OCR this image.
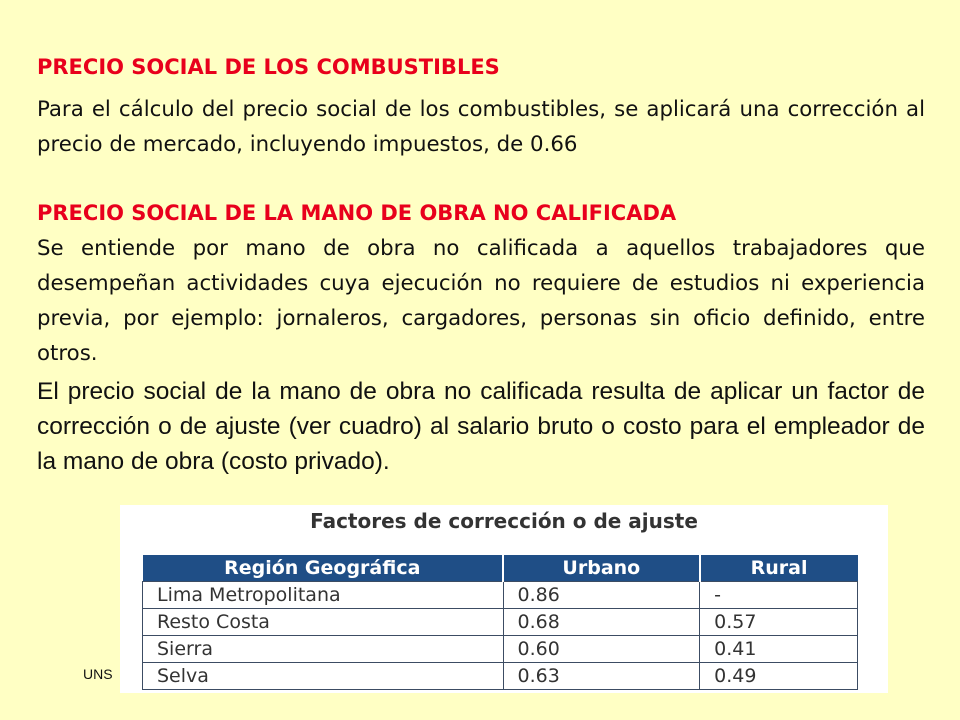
PRECIO SOCIAL DE LOS COMBUSTIBLES

Para el cálculo del precio social de los combustibles, se aplicará una corrección al precio de mercado, incluyendo impuestos, de 0.66

PRECIO SOCIAL DE LA MANO DE OBRA NO CALIFICADA

Se entiende por mano de obra no calificada a aquellos trabajadores que desempeñan actividades cuya ejecución no requiere de estudios ni experiencia previa, por ejemplo: jornaleros, cargadores, personas sin oficio definido, entre otros.

El precio social de la mano de obra no calificada resulta de aplicar un factor de corrección o de ajuste (ver cuadro) al salario bruto o costo para el empleador de la mano de obra (costo privado).

UNS

Factores de corrección o de ajuste

Región Geográfica	Urbano	Rural
Lima Metropolitana	0.86	-
Resto Costa	0.68	0.57
Sierra	0.60	0.41
Selva	0.63	0.49
